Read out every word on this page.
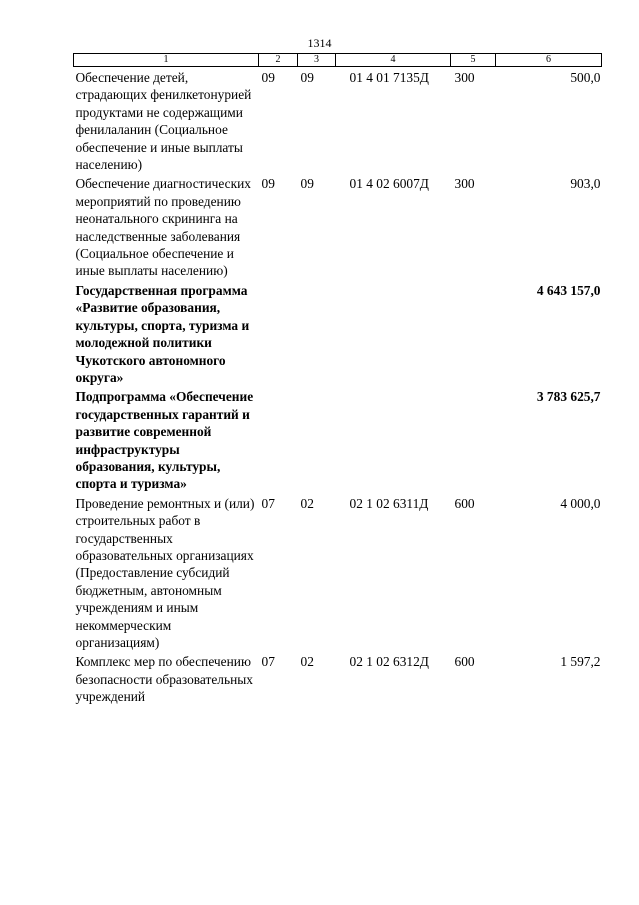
1314
1	2	3	4	5	6
Обеспечение детей, страдающих фенилкетонурией продуктами не содержащими фенилаланин (Социальное обеспечение и иные выплаты населению)	09	09	01 4 01 7135Д	300	500,0
Обеспечение диагностических мероприятий по проведению неонатального скрининга на наследственные заболевания (Социальное обеспечение и иные выплаты населению)	09	09	01 4 02 6007Д	300	903,0
Государственная программа «Развитие образования, культуры, спорта, туризма и молодежной политики Чукотского автономного округа»					4 643 157,0
Подпрограмма «Обеспечение государственных гарантий и развитие современной инфраструктуры образования, культуры, спорта и туризма»					3 783 625,7
Проведение ремонтных и (или) строительных работ в государственных образовательных организациях (Предоставление субсидий бюджетным, автономным учреждениям и иным некоммерческим организациям)	07	02	02 1 02 6311Д	600	4 000,0
Комплекс мер по обеспечению безопасности образовательных учреждений	07	02	02 1 02 6312Д	600	1 597,2
